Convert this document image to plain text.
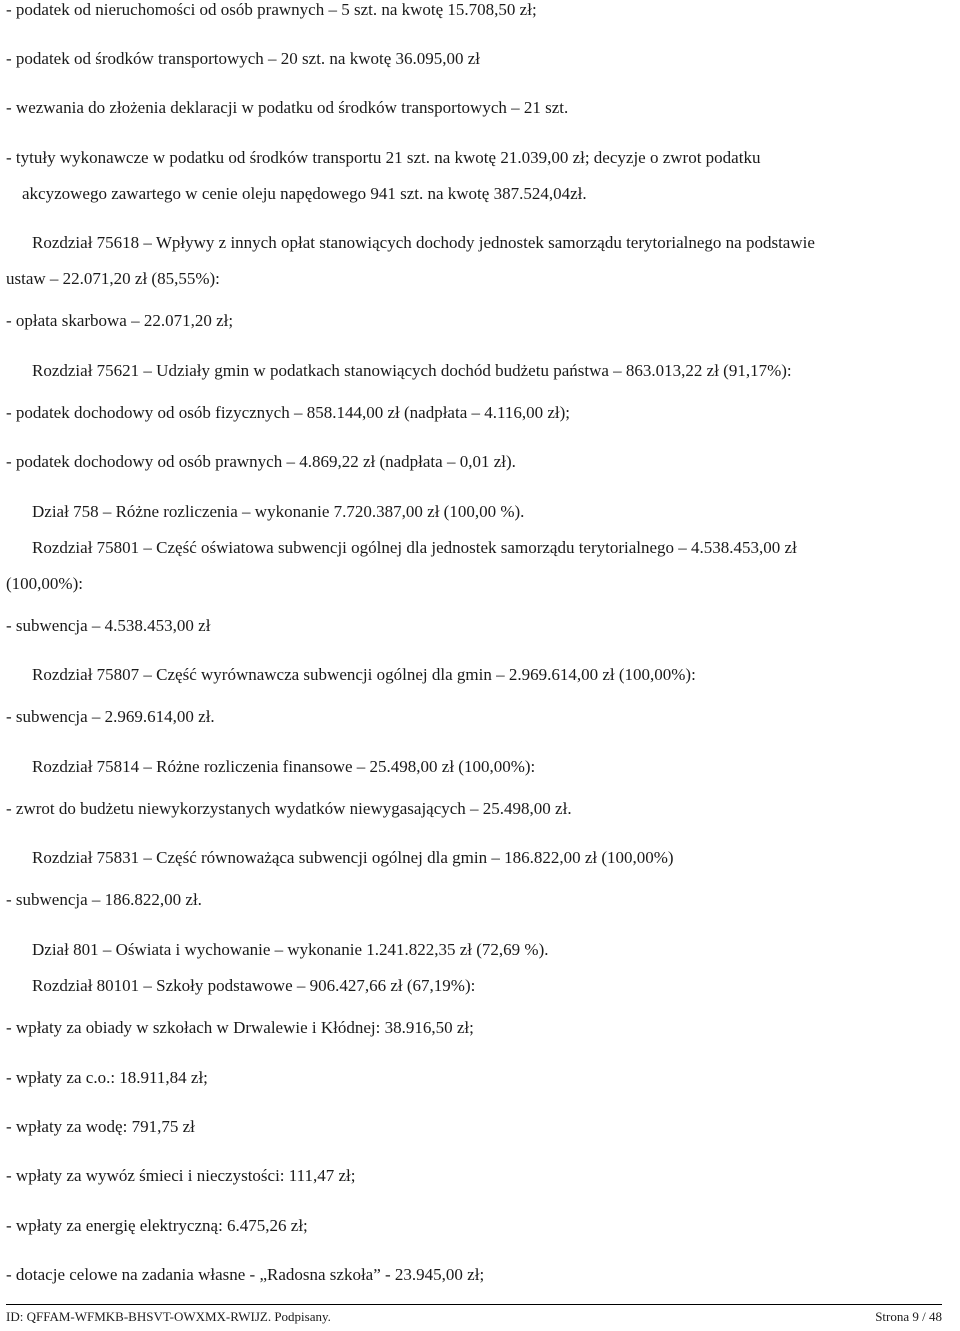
- podatek od nieruchomości od osób prawnych – 5 szt. na kwotę 15.708,50 zł;
- podatek od środków transportowych – 20 szt. na kwotę 36.095,00 zł
- wezwania do złożenia deklaracji w podatku od środków transportowych – 21 szt.
- tytuły wykonawcze w podatku od środków transportu 21 szt. na kwotę 21.039,00 zł; decyzje o zwrot podatku
akcyzowego zawartego w cenie oleju napędowego 941 szt. na kwotę 387.524,04zł.
Rozdział 75618 – Wpływy z innych opłat stanowiących dochody jednostek samorządu terytorialnego na podstawie
ustaw – 22.071,20 zł (85,55%):
- opłata skarbowa – 22.071,20 zł;
Rozdział 75621 – Udziały gmin w podatkach stanowiących dochód budżetu państwa – 863.013,22 zł (91,17%):
- podatek dochodowy od osób fizycznych – 858.144,00 zł (nadpłata – 4.116,00 zł);
- podatek dochodowy od osób prawnych – 4.869,22 zł (nadpłata – 0,01 zł).
Dział 758 – Różne rozliczenia – wykonanie 7.720.387,00 zł (100,00 %).
Rozdział 75801 – Część oświatowa subwencji ogólnej dla jednostek samorządu terytorialnego – 4.538.453,00 zł
(100,00%):
- subwencja – 4.538.453,00 zł
Rozdział 75807 – Część wyrównawcza subwencji ogólnej dla gmin – 2.969.614,00 zł (100,00%):
- subwencja – 2.969.614,00 zł.
Rozdział 75814 – Różne rozliczenia finansowe – 25.498,00 zł (100,00%):
- zwrot do budżetu niewykorzystanych wydatków niewygasających – 25.498,00 zł.
Rozdział 75831 – Część równoważąca subwencji ogólnej dla gmin – 186.822,00 zł (100,00%)
- subwencja – 186.822,00 zł.
Dział 801 – Oświata i wychowanie – wykonanie 1.241.822,35 zł (72,69 %).
Rozdział 80101 – Szkoły podstawowe – 906.427,66 zł (67,19%):
- wpłaty za obiady w szkołach w Drwalewie i Kłódnej: 38.916,50 zł;
- wpłaty za c.o.: 18.911,84 zł;
- wpłaty za wodę: 791,75 zł
- wpłaty za wywóz śmieci i nieczystości: 111,47 zł;
- wpłaty za energię elektryczną: 6.475,26 zł;
- dotacje celowe na zadania własne - „Radosna szkoła” - 23.945,00 zł;
ID: QFFAM-WFMKB-BHSVT-OWXMX-RWIJZ. Podpisany.	Strona 9 / 48
